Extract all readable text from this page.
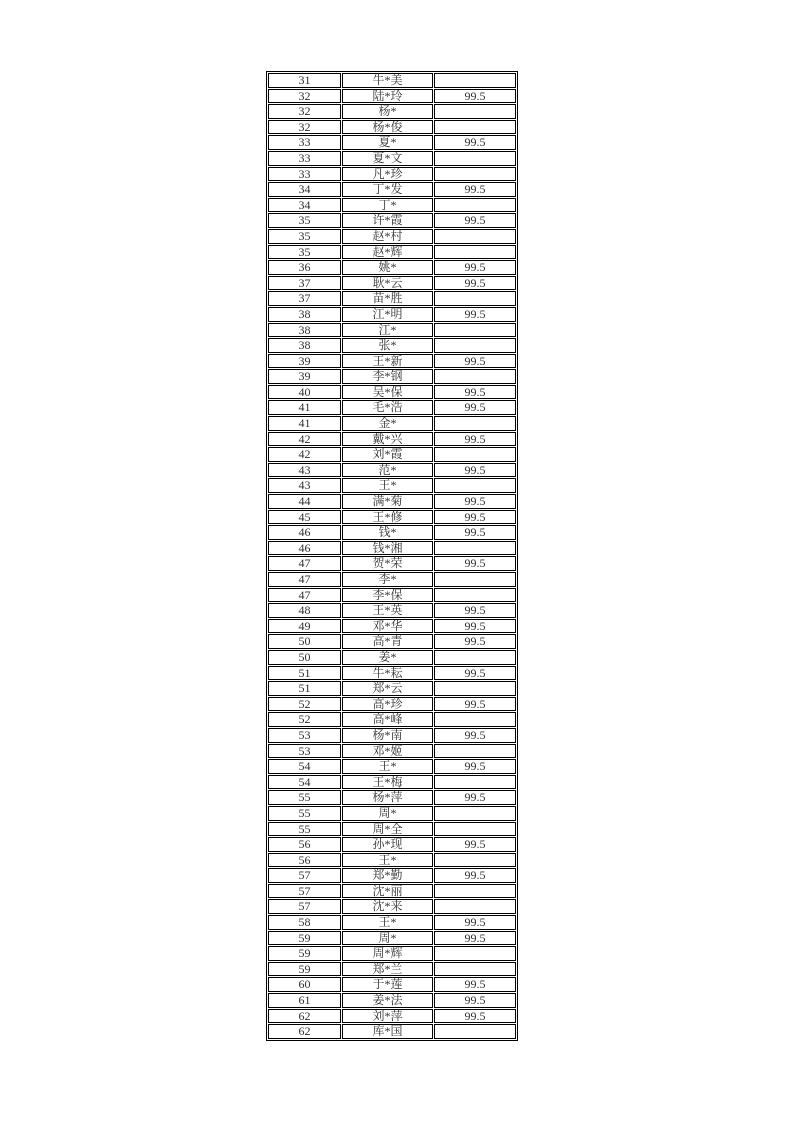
31	牛*美	
32	陆*玲	99.5
32	杨*	
32	杨*俊	
33	夏*	99.5
33	夏*文	
33	凡*珍	
34	丁*发	99.5
34	丁*	
35	许*霞	99.5
35	赵*村	
35	赵*辉	
36	姚*	99.5
37	耿*云	99.5
37	苗*胜	
38	江*明	99.5
38	江*	
38	张*	
39	王*新	99.5
39	李*钢	
40	吴*保	99.5
41	毛*浩	99.5
41	金*	
42	戴*兴	99.5
42	刘*霞	
43	范*	99.5
43	王*	
44	满*菊	99.5
45	王*修	99.5
46	钱*	99.5
46	钱*湘	
47	贺*荣	99.5
47	李*	
47	李*保	
48	王*英	99.5
49	邓*华	99.5
50	高*青	99.5
50	姜*	
51	牛*耘	99.5
51	郑*云	
52	高*珍	99.5
52	高*峰	
53	杨*南	99.5
53	邓*姬	
54	王*	99.5
54	王*梅	
55	杨*萍	99.5
55	周*	
55	周*全	
56	孙*现	99.5
56	王*	
57	郑*勤	99.5
57	沈*丽	
57	沈*来	
58	王*	99.5
59	周*	99.5
59	周*辉	
59	郑*兰	
60	于*莲	99.5
61	姜*法	99.5
62	刘*萍	99.5
62	库*国	
